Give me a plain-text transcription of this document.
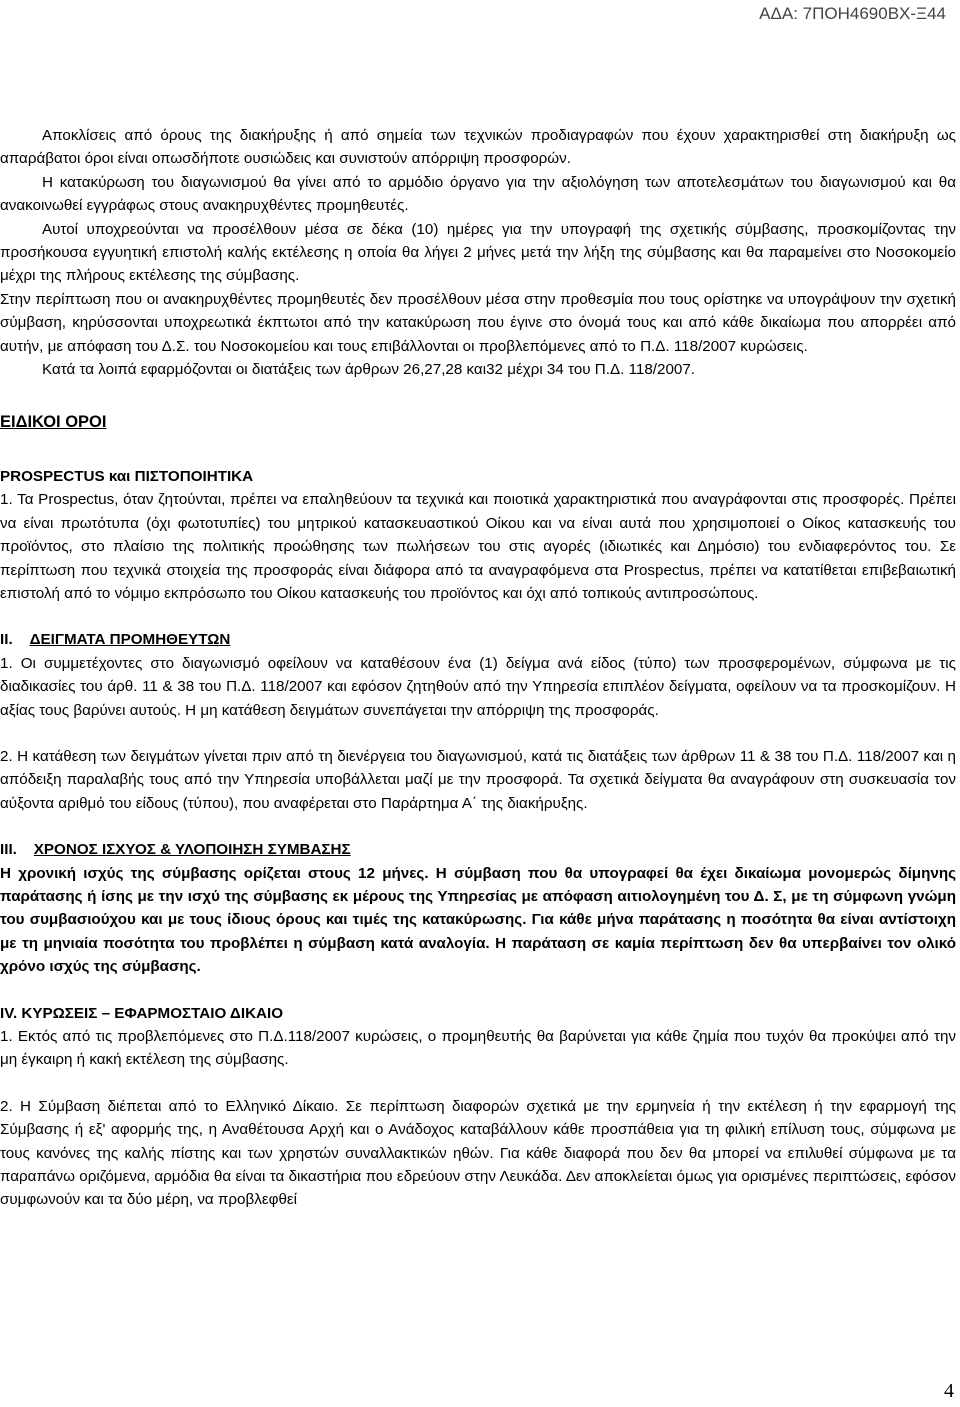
ΑΔΑ: 7ΠΟΗ4690ΒΧ-Ξ44

Αποκλίσεις από όρους της διακήρυξης ή από σημεία των τεχνικών προδιαγραφών που έχουν χαρακτηρισθεί στη διακήρυξη ως απαράβατοι όροι είναι οπωσδήποτε ουσιώδεις και συνιστούν απόρριψη προσφορών.

Η κατακύρωση του διαγωνισμού θα γίνει από το αρμόδιο όργανο για την αξιολόγηση των αποτελεσμάτων του διαγωνισμού και θα ανακοινωθεί εγγράφως στους ανακηρυχθέντες προμηθευτές.

Αυτοί υποχρεούνται να προσέλθουν μέσα σε δέκα (10) ημέρες για την υπογραφή της σχετικής σύμβασης, προσκομίζοντας την προσήκουσα εγγυητική επιστολή καλής εκτέλεσης η οποία θα λήγει 2 μήνες μετά την λήξη της σύμβασης και θα παραμείνει στο Νοσοκομείο μέχρι της πλήρους εκτέλεσης της σύμβασης.

Στην περίπτωση που οι ανακηρυχθέντες προμηθευτές δεν προσέλθουν μέσα στην προθεσμία που τους ορίστηκε να υπογράψουν την σχετική σύμβαση, κηρύσσονται υποχρεωτικά έκπτωτοι από την κατακύρωση που έγινε στο όνομά τους και από κάθε δικαίωμα που απορρέει από αυτήν, με απόφαση του Δ.Σ. του Νοσοκομείου και τους επιβάλλονται οι προβλεπόμενες από το Π.Δ. 118/2007 κυρώσεις.

Κατά τα λοιπά εφαρμόζονται οι διατάξεις των άρθρων 26,27,28 και32 μέχρι 34 του Π.Δ. 118/2007.

ΕΙΔΙΚΟΙ ΟΡΟΙ

PROSPECTUS και ΠΙΣΤΟΠΟΙΗΤΙΚΑ

1. Τα Prospectus, όταν ζητούνται, πρέπει να επαληθεύουν τα τεχνικά και ποιοτικά χαρακτηριστικά που αναγράφονται στις προσφορές. Πρέπει να είναι πρωτότυπα (όχι φωτοτυπίες) του μητρικού κατασκευαστικού Οίκου και να είναι αυτά που χρησιμοποιεί ο Οίκος κατασκευής του προϊόντος, στο πλαίσιο της πολιτικής προώθησης των πωλήσεων του στις αγορές (ιδιωτικές και Δημόσιο) του ενδιαφερόντος του. Σε περίπτωση που τεχνικά στοιχεία της προσφοράς είναι διάφορα από τα αναγραφόμενα στα Prospectus, πρέπει να κατατίθεται επιβεβαιωτική επιστολή από το νόμιμο εκπρόσωπο του Οίκου κατασκευής του προϊόντος και όχι από τοπικούς αντιπροσώπους.

II. ΔΕΙΓΜΑΤΑ ΠΡΟΜΗΘΕΥΤΩΝ

1. Οι συμμετέχοντες στο διαγωνισμό οφείλουν να καταθέσουν ένα (1) δείγμα ανά είδος (τύπο) των προσφερομένων, σύμφωνα με τις διαδικασίες του άρθ. 11 & 38 του Π.Δ. 118/2007 και εφόσον ζητηθούν από την Υπηρεσία επιπλέον δείγματα, οφείλουν να τα προσκομίζουν. Η αξίας τους βαρύνει αυτούς. Η μη κατάθεση δειγμάτων συνεπάγεται την απόρριψη της προσφοράς.

2. Η κατάθεση των δειγμάτων γίνεται πριν από τη διενέργεια του διαγωνισμού, κατά τις διατάξεις των άρθρων 11 & 38 του Π.Δ. 118/2007 και η απόδειξη παραλαβής τους από την Υπηρεσία υποβάλλεται μαζί με την προσφορά. Τα σχετικά δείγματα θα αναγράφουν στη συσκευασία τον αύξοντα αριθμό του είδους (τύπου), που αναφέρεται στο Παράρτημα Α΄ της διακήρυξης.

III. ΧΡΟΝΟΣ ΙΣΧΥΟΣ & ΥΛΟΠΟΙΗΣΗ ΣΥΜΒΑΣΗΣ

Η χρονική ισχύς της σύμβασης ορίζεται στους 12 μήνες. Η σύμβαση που θα υπογραφεί θα έχει δικαίωμα μονομερώς δίμηνης παράτασης ή ίσης με την ισχύ της σύμβασης εκ μέρους της Υπηρεσίας με απόφαση αιτιολογημένη του Δ. Σ, με τη σύμφωνη γνώμη του συμβασιούχου και με τους ίδιους όρους και τιμές της κατακύρωσης. Για κάθε μήνα παράτασης η ποσότητα θα είναι αντίστοιχη με τη μηνιαία ποσότητα του προβλέπει η σύμβαση κατά αναλογία. Η παράταση σε καμία περίπτωση δεν θα υπερβαίνει τον ολικό χρόνο ισχύς της σύμβασης.

IV. ΚΥΡΩΣΕΙΣ – ΕΦΑΡΜΟΣΤΑΙΟ ΔΙΚΑΙΟ

1. Εκτός από τις προβλεπόμενες στο Π.Δ.118/2007 κυρώσεις, ο προμηθευτής θα βαρύνεται για κάθε ζημία που τυχόν θα προκύψει από την μη έγκαιρη ή κακή εκτέλεση της σύμβασης.

2. Η Σύμβαση διέπεται από το Ελληνικό Δίκαιο. Σε περίπτωση διαφορών σχετικά με την ερμηνεία ή την εκτέλεση ή την εφαρμογή της Σύμβασης ή εξ' αφορμής της, η Αναθέτουσα Αρχή και ο Ανάδοχος καταβάλλουν κάθε προσπάθεια για τη φιλική επίλυση τους, σύμφωνα με τους κανόνες της καλής πίστης και των χρηστών συναλλακτικών ηθών. Για κάθε διαφορά που δεν θα μπορεί να επιλυθεί σύμφωνα με τα παραπάνω οριζόμενα, αρμόδια θα είναι τα δικαστήρια που εδρεύουν στην Λευκάδα. Δεν αποκλείεται όμως για ορισμένες περιπτώσεις, εφόσον συμφωνούν και τα δύο μέρη, να προβλεφθεί

4
